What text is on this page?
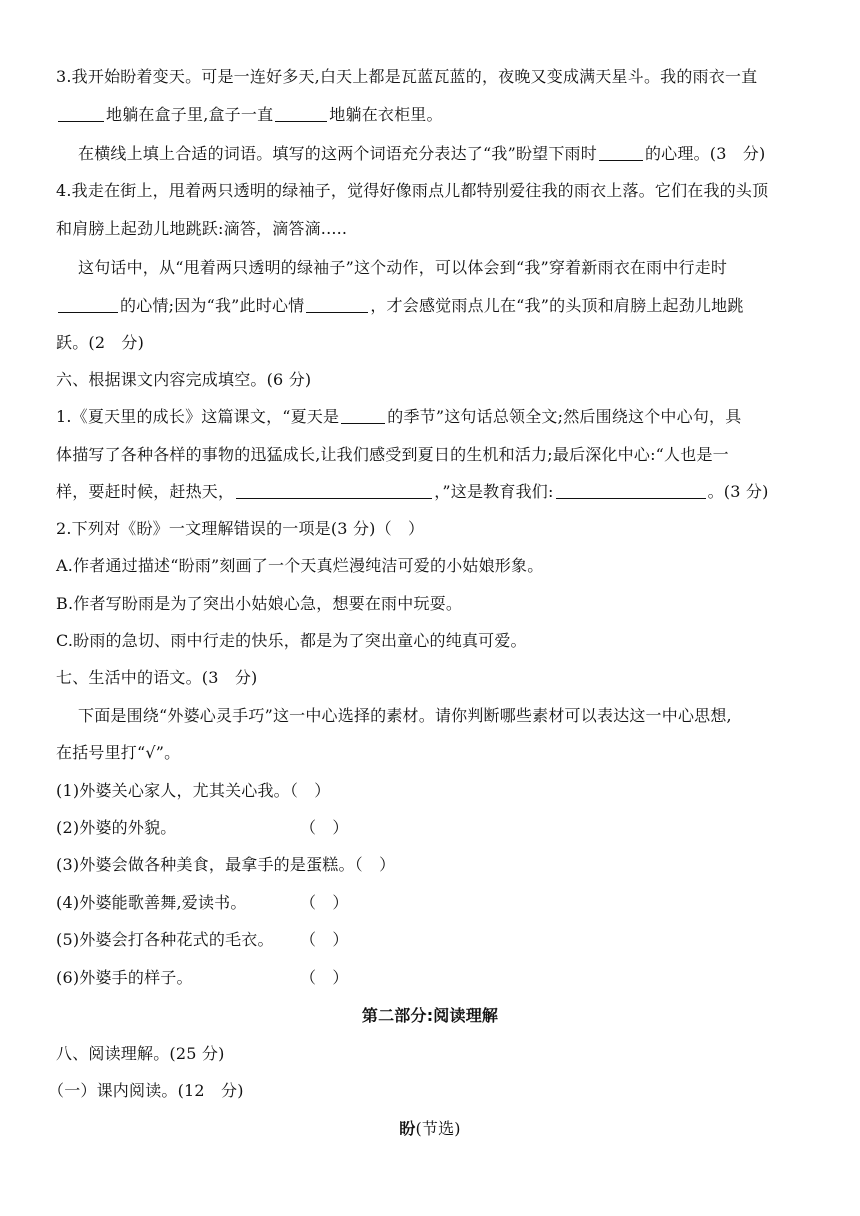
3.我开始盼着变天。可是一连好多天,白天上都是瓦蓝瓦蓝的，夜晚又变成满天星斗。我的雨衣一直
地躺在盒子里,盒子一直	地躺在衣柜里。
在横线上填上合适的词语。填写的这两个词语充分表达了“我”盼望下雨时	的心理。(3　分)
4.我走在街上，甩着两只透明的绿袖子，觉得好像雨点儿都特别爱往我的雨衣上落。它们在我的头顶
和肩膀上起劲儿地跳跃:滴答，滴答滴.....
这句话中，从“甩着两只透明的绿袖子”这个动作，可以体会到“我”穿着新雨衣在雨中行走时
的心情;因为“我”此时心情	，才会感觉雨点儿在“我”的头顶和肩膀上起劲儿地跳
跃。(2　分)
六、根据课文内容完成填空。(6 分)
1.《夏天里的成长》这篇课文，“夏天是	的季节”这句话总领全文;然后围绕这个中心句，具
体描写了各种各样的事物的迅猛成长,让我们感受到夏日的生机和活力;最后深化中心:“人也是一
样，要赶时候，赶热天，	，”这是教育我们:	。(3 分)
2.下列对《盼》一文理解错误的一项是(3 分)（　）
A.作者通过描述“盼雨”刻画了一个天真烂漫纯洁可爱的小姑娘形象。
B.作者写盼雨是为了突出小姑娘心急，想要在雨中玩耍。
C.盼雨的急切、雨中行走的快乐，都是为了突出童心的纯真可爱。
七、生活中的语文。(3　分)
下面是围绕“外婆心灵手巧”这一中心选择的素材。请你判断哪些素材可以表达这一中心思想,
在括号里打“√”。
(1)外婆关心家人，尤其关心我。（　）
(2)外婆的外貌。	（　）
(3)外婆会做各种美食，最拿手的是蛋糕。（　）
(4)外婆能歌善舞,爱读书。	（　）
(5)外婆会打各种花式的毛衣。 （　）
(6)外婆手的样子。	（　）
第二部分:阅读理解
八、阅读理解。(25 分)
（一）课内阅读。(12　分)
盼(节选)
